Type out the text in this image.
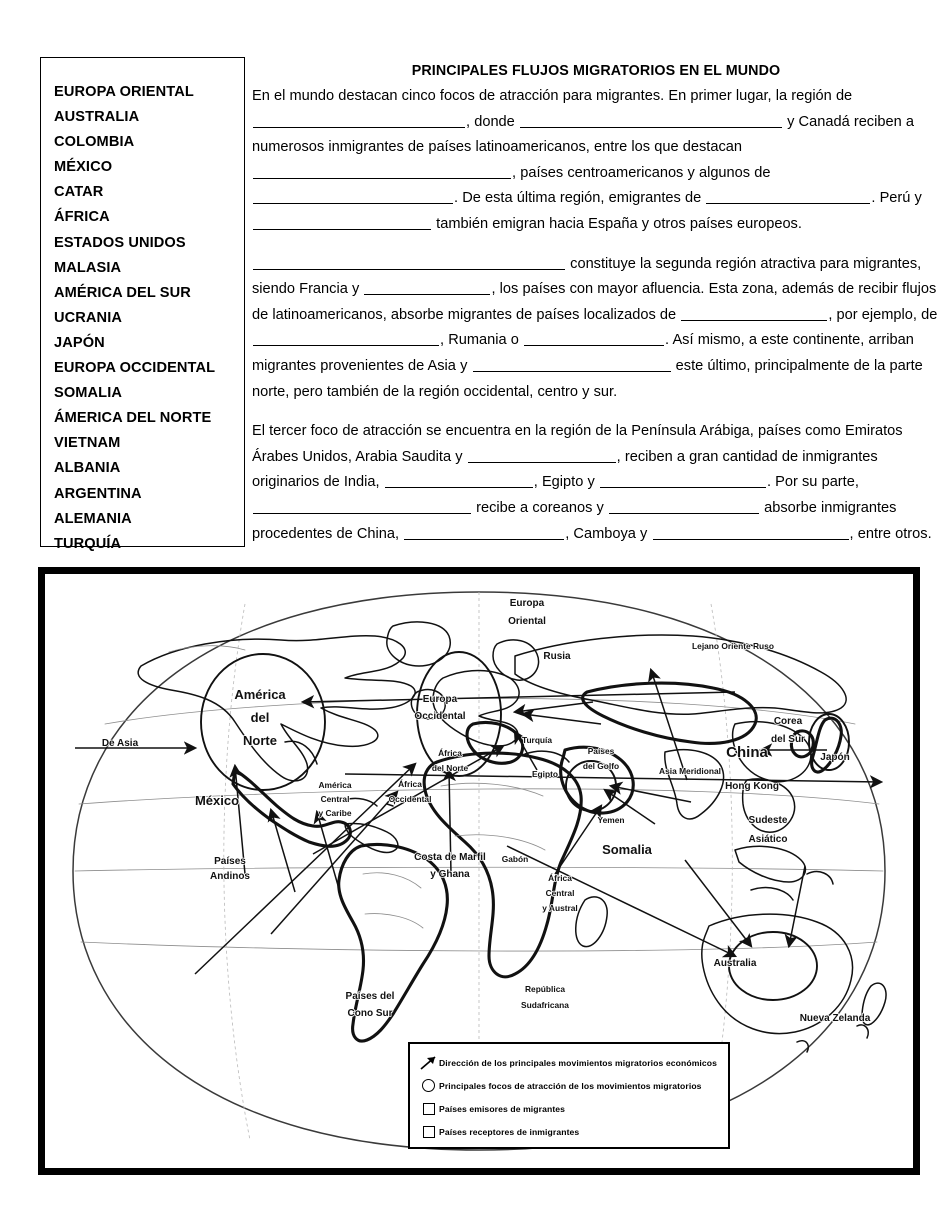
EUROPA ORIENTAL
AUSTRALIA
COLOMBIA
MÉXICO
CATAR
ÁFRICA
ESTADOS UNIDOS
MALASIA
AMÉRICA DEL SUR
UCRANIA
JAPÓN
EUROPA OCCIDENTAL
SOMALIA
ÁMERICA DEL NORTE
VIETNAM
ALBANIA
ARGENTINA
ALEMANIA
TURQUÍA
PRINCIPALES FLUJOS MIGRATORIOS EN EL MUNDO

En el mundo destacan cinco focos de atracción para migrantes. En primer lugar, la región de , donde	y Canadá reciben a numerosos inmigrantes de países latinoamericanos, entre los que destacan , países centroamericanos y algunos de . De esta última región, emigrantes de	. Perú y  también emigran hacia España y otros países europeos.

constituye la segunda región atractiva para migrantes, siendo Francia y	, los países con mayor afluencia. Esta zona, además de recibir flujos de latinoamericanos, absorbe migrantes de países localizados de	, por ejemplo, de , Rumania o	. Así mismo, a este continente, arriban migrantes provenientes de Asia y	este último, principalmente de la parte norte, pero también de la región occidental, centro y sur.

El tercer foco de atracción se encuentra en la región de la Península Arábiga, países como Emiratos Árabes Unidos, Arabia Saudita y	, reciben a gran cantidad de inmigrantes originarios de India,	, Egipto y	. Por su parte,  recibe a coreanos y	absorbe inmigrantes procedentes de China,	, Camboya y	, entre otros.

América
del
Norte
De Asia
México
América
Central
y Caribe
Países
Andinos
Países del
Cono Sur
Europa
Oriental
Rusia
Europa
Occidental
Lejano Oriente Ruso
Turquía
África
del Norte
África
Occidental
Países
del Golfo
Egipto
Yemen
Asia Meridional
China
Corea
del Sur
Japón
Hong Kong
Sudeste
Asiático
Costa de Marfil
y Ghana
Gabón
Somalia
África
Central
y Austral
República
Sudafricana
Australia
Nueva Zelanda
Dirección de los principales movimientos migratorios económicos
Principales focos de atracción de los movimientos migratorios
Países emisores de migrantes
Países receptores de inmigrantes
